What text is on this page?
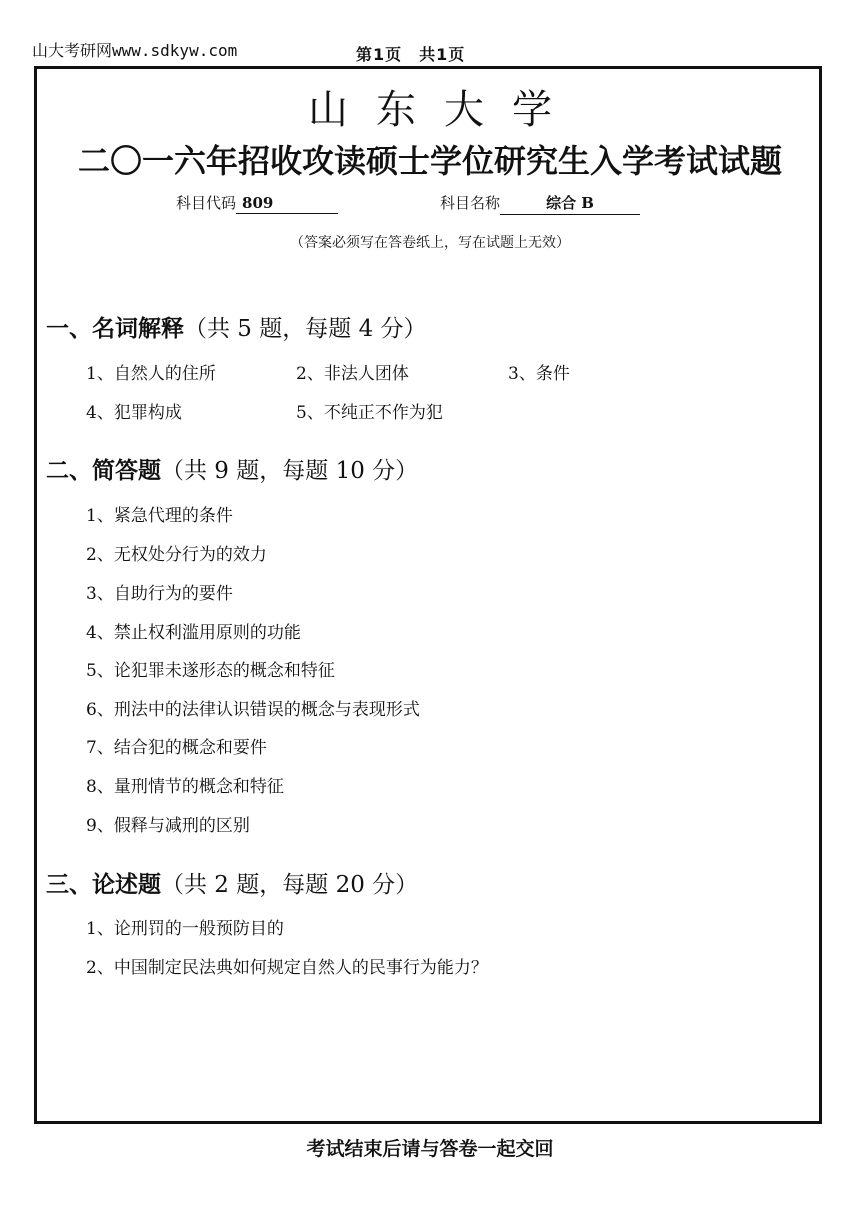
山大考研网www.sdkyw.com	第1页　共1页
山东大学
二〇一六年招收攻读硕士学位研究生入学考试试题
科目代码 809	科目名称	综合 B
（答案必须写在答卷纸上，写在试题上无效）
一、名词解释（共 5 题，每题 4 分）
1、自然人的住所	2、非法人团体	3、条件
4、犯罪构成	5、不纯正不作为犯
二、简答题（共 9 题，每题 10 分）
1、紧急代理的条件
2、无权处分行为的效力
3、自助行为的要件
4、禁止权利滥用原则的功能
5、论犯罪未遂形态的概念和特征
6、刑法中的法律认识错误的概念与表现形式
7、结合犯的概念和要件
8、量刑情节的概念和特征
9、假释与减刑的区别
三、论述题（共 2 题，每题 20 分）
1、论刑罚的一般预防目的
2、中国制定民法典如何规定自然人的民事行为能力？
考试结束后请与答卷一起交回
